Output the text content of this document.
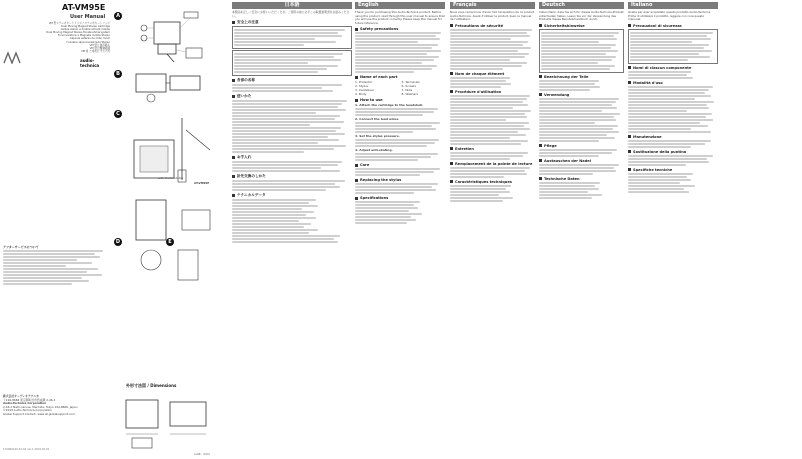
AT-VM95E
User Manual
VM 型ステレオカートリッジ / ステレオカートリッジ
Dual Moving Magnet Stereo Cartridge
Cellule stéréo à double aimant mobile
Dual Moving Magnet Stereo-Tonabnehmersystem
Fonorivelatore a Magnete mobile Stereo
Cápsula estéreo de imán móvil
Головка звукоснимателя Stereo
VM 型立体声唱头
VM 型立體聲唱頭
VM 형 스테레오 카트리지
audio-technica
アフターサービスについて
株式会社オーディオテクニカ
〒194-8666 東京都町田市西成瀬 2-46-1
Audio-Technica Corporation
2-46-1 Nishi-naruse, Machida, Tokyo 194-8666, Japan
©2019 Audio-Technica Corporation
Global Support Contact: www.at-globalsupport.com
172902140-01-01 ver.1 2019.01.01
A
B
C
with the turntable
AT-VM95E
D	E
外形寸法図 / Dimensions
(unit : mm)
日本語
本製品を正しく安全にお使いいただくため、ご使用の前に必ずこの取扱説明書をお読みください。
安全上の注意
各部の名称
使いかた
お手入れ
針先交換のしかた
テクニカルデータ
English
Thank you for purchasing this Audio-Technica product. Before using the product, read through this user manual to ensure that you will use the product correctly. Please keep this manual for future reference.
Safety precautions
Name of each part
1. Protector
2. Stylus
3. Cantilever
4. Body
5. Terminals
6. Screws
7. Nuts
8. Washers
How to use
1. Attach the cartridge to the headshell.
2. Connect the lead wires.
3. Set the stylus pressure.
4. Adjust anti-skating.
Care
Replacing the stylus
Specifications
Français
Nous vous remercions d'avoir fait l'acquisition de ce produit Audio-Technica. Avant d'utiliser le produit, lisez ce manuel de l'utilisateur.
Précautions de sécurité
Nom de chaque élément
Procédure d'utilisation
Entretien
Remplacement de la pointe de lecture
Caractéristiques techniques
Deutsch
Vielen Dank, dass Sie sich für dieses Audio-Technica-Produkt entschieden haben. Lesen Sie vor der Verwendung des Produkts dieses Benutzerhandbuch durch.
Sicherheitshinweise
Bezeichnung der Teile
Verwendung
Pflege
Austauschen der Nadel
Technische Daten
Italiano
Grazie per aver acquistato questo prodotto Audio-Technica. Prima di utilizzare il prodotto, leggere con cura questo manuale.
Precauzioni di sicurezza
Nomi di ciascun componente
Modalità d'uso
Manutenzione
Sostituzione della puntina
Specifiche tecniche
